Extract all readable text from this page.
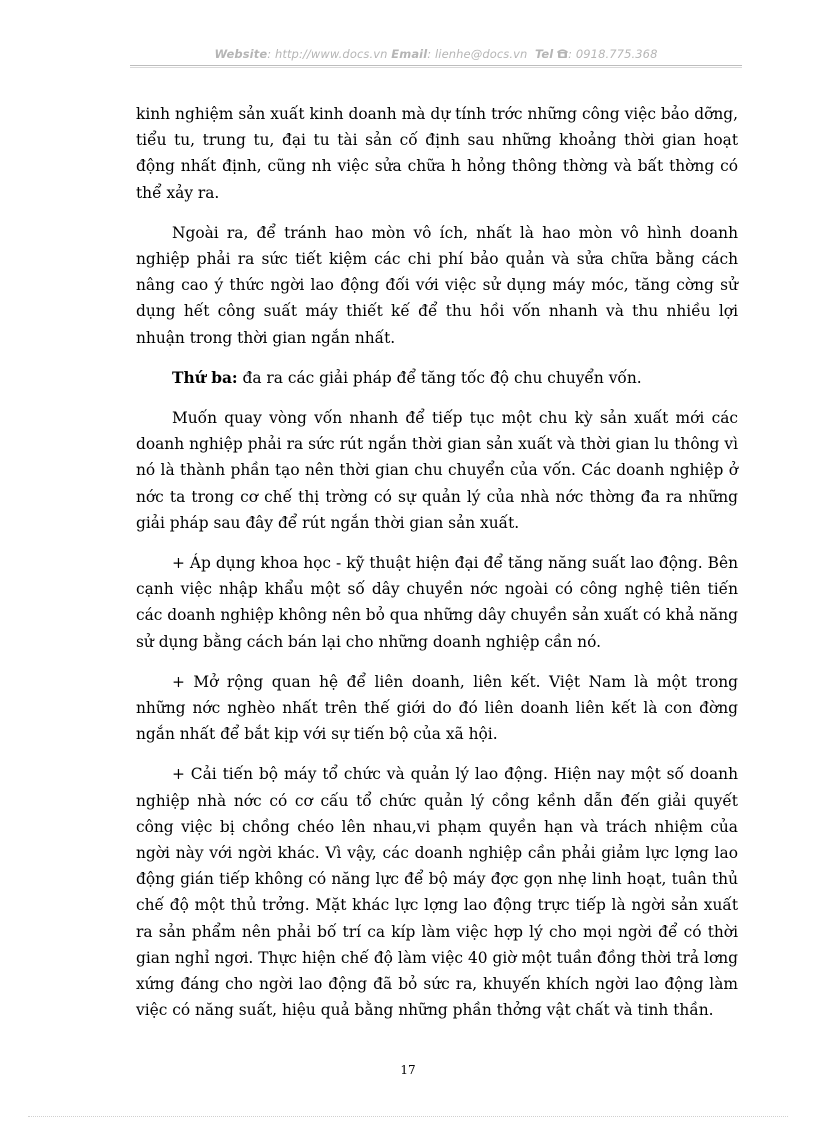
Website: http://www.docs.vn Email: lienhe@docs.vn Tel : 0918.775.368

kinh nghiệm sản xuất kinh doanh mà dự tính trớc những công việc bảo dỡng, tiểu tu, trung tu, đại tu tài sản cố định sau những khoảng thời gian hoạt động nhất định, cũng nh việc sửa chữa h hỏng thông thờng và bất thờng có thể xảy ra.

Ngoài ra, để tránh hao mòn vô ích, nhất là hao mòn vô hình doanh nghiệp phải ra sức tiết kiệm các chi phí bảo quản và sửa chữa bằng cách nâng cao ý thức ngời lao động đối với việc sử dụng máy móc, tăng cờng sử dụng hết công suất máy thiết kế để thu hồi vốn nhanh và thu nhiều lợi nhuận trong thời gian ngắn nhất.

Thứ ba: đa ra các giải pháp để tăng tốc độ chu chuyển vốn.

Muốn quay vòng vốn nhanh để tiếp tục một chu kỳ sản xuất mới các doanh nghiệp phải ra sức rút ngắn thời gian sản xuất và thời gian lu thông vì nó là thành phần tạo nên thời gian chu chuyển của vốn. Các doanh nghiệp ở nớc ta trong cơ chế thị trờng có sự quản lý của nhà nớc thờng đa ra những giải pháp sau đây để rút ngắn thời gian sản xuất.

+ Áp dụng khoa học - kỹ thuật hiện đại để tăng năng suất lao động. Bên cạnh việc nhập khẩu một số dây chuyền nớc ngoài có công nghệ tiên tiến các doanh nghiệp không nên bỏ qua những dây chuyền sản xuất có khả năng sử dụng bằng cách bán lại cho những doanh nghiệp cần nó.

+ Mở rộng quan hệ để liên doanh, liên kết. Việt Nam là một trong những nớc nghèo nhất trên thế giới do đó liên doanh liên kết là con đờng ngắn nhất để bắt kịp với sự tiến bộ của xã hội.

+ Cải tiến bộ máy tổ chức và quản lý lao động. Hiện nay một số doanh nghiệp nhà nớc có cơ cấu tổ chức quản lý cồng kềnh dẫn đến giải quyết công việc bị chồng chéo lên nhau,vi phạm quyền hạn và trách nhiệm của ngời này với ngời khác. Vì vậy, các doanh nghiệp cần phải giảm lực lợng lao động gián tiếp không có năng lực để bộ máy đợc gọn nhẹ linh hoạt, tuân thủ chế độ một thủ trởng. Mặt khác lực lợng lao động trực tiếp là ngời sản xuất ra sản phẩm nên phải bố trí ca kíp làm việc hợp lý cho mọi ngời để có thời gian nghỉ ngơi. Thực hiện chế độ làm việc 40 giờ một tuần đồng thời trả lơng xứng đáng cho ngời lao động đã bỏ sức ra, khuyến khích ngời lao động làm việc có năng suất, hiệu quả bằng những phần thởng vật chất và tinh thần.

17
